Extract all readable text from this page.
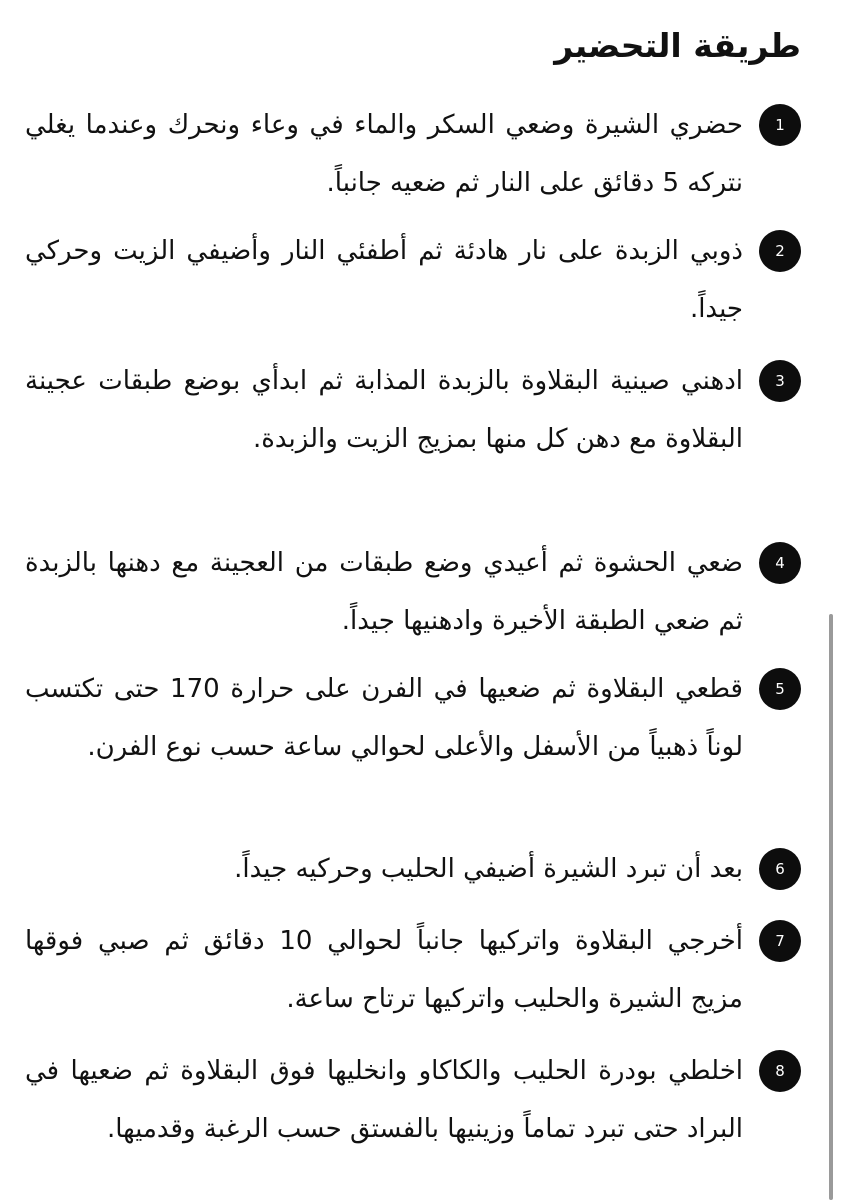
طريقة التحضير
1
حضري الشيرة وضعي السكر والماء في وعاء ونحرك وعندما يغلي نتركه 5 دقائق على النار ثم ضعيه جانباً.
2
ذوبي الزبدة على نار هادئة ثم أطفئي النار وأضيفي الزيت وحركي جيداً.
3
ادهني صينية البقلاوة بالزبدة المذابة ثم ابدأي بوضع طبقات عجينة البقلاوة مع دهن كل منها بمزيج الزيت والزبدة.
4
ضعي الحشوة ثم أعيدي وضع طبقات من العجينة مع دهنها بالزبدة ثم ضعي الطبقة الأخيرة وادهنيها جيداً.
5
قطعي البقلاوة ثم ضعيها في الفرن على حرارة 170 حتى تكتسب لوناً ذهبياً من الأسفل والأعلى لحوالي ساعة حسب نوع الفرن.
6
بعد أن تبرد الشيرة أضيفي الحليب وحركيه جيداً.
7
أخرجي البقلاوة واتركيها جانباً لحوالي 10 دقائق ثم صبي فوقها مزيج الشيرة والحليب واتركيها ترتاح ساعة.
8
اخلطي بودرة الحليب والكاكاو وانخليها فوق البقلاوة ثم ضعيها في البراد حتى تبرد تماماً وزينيها بالفستق حسب الرغبة وقدميها.
